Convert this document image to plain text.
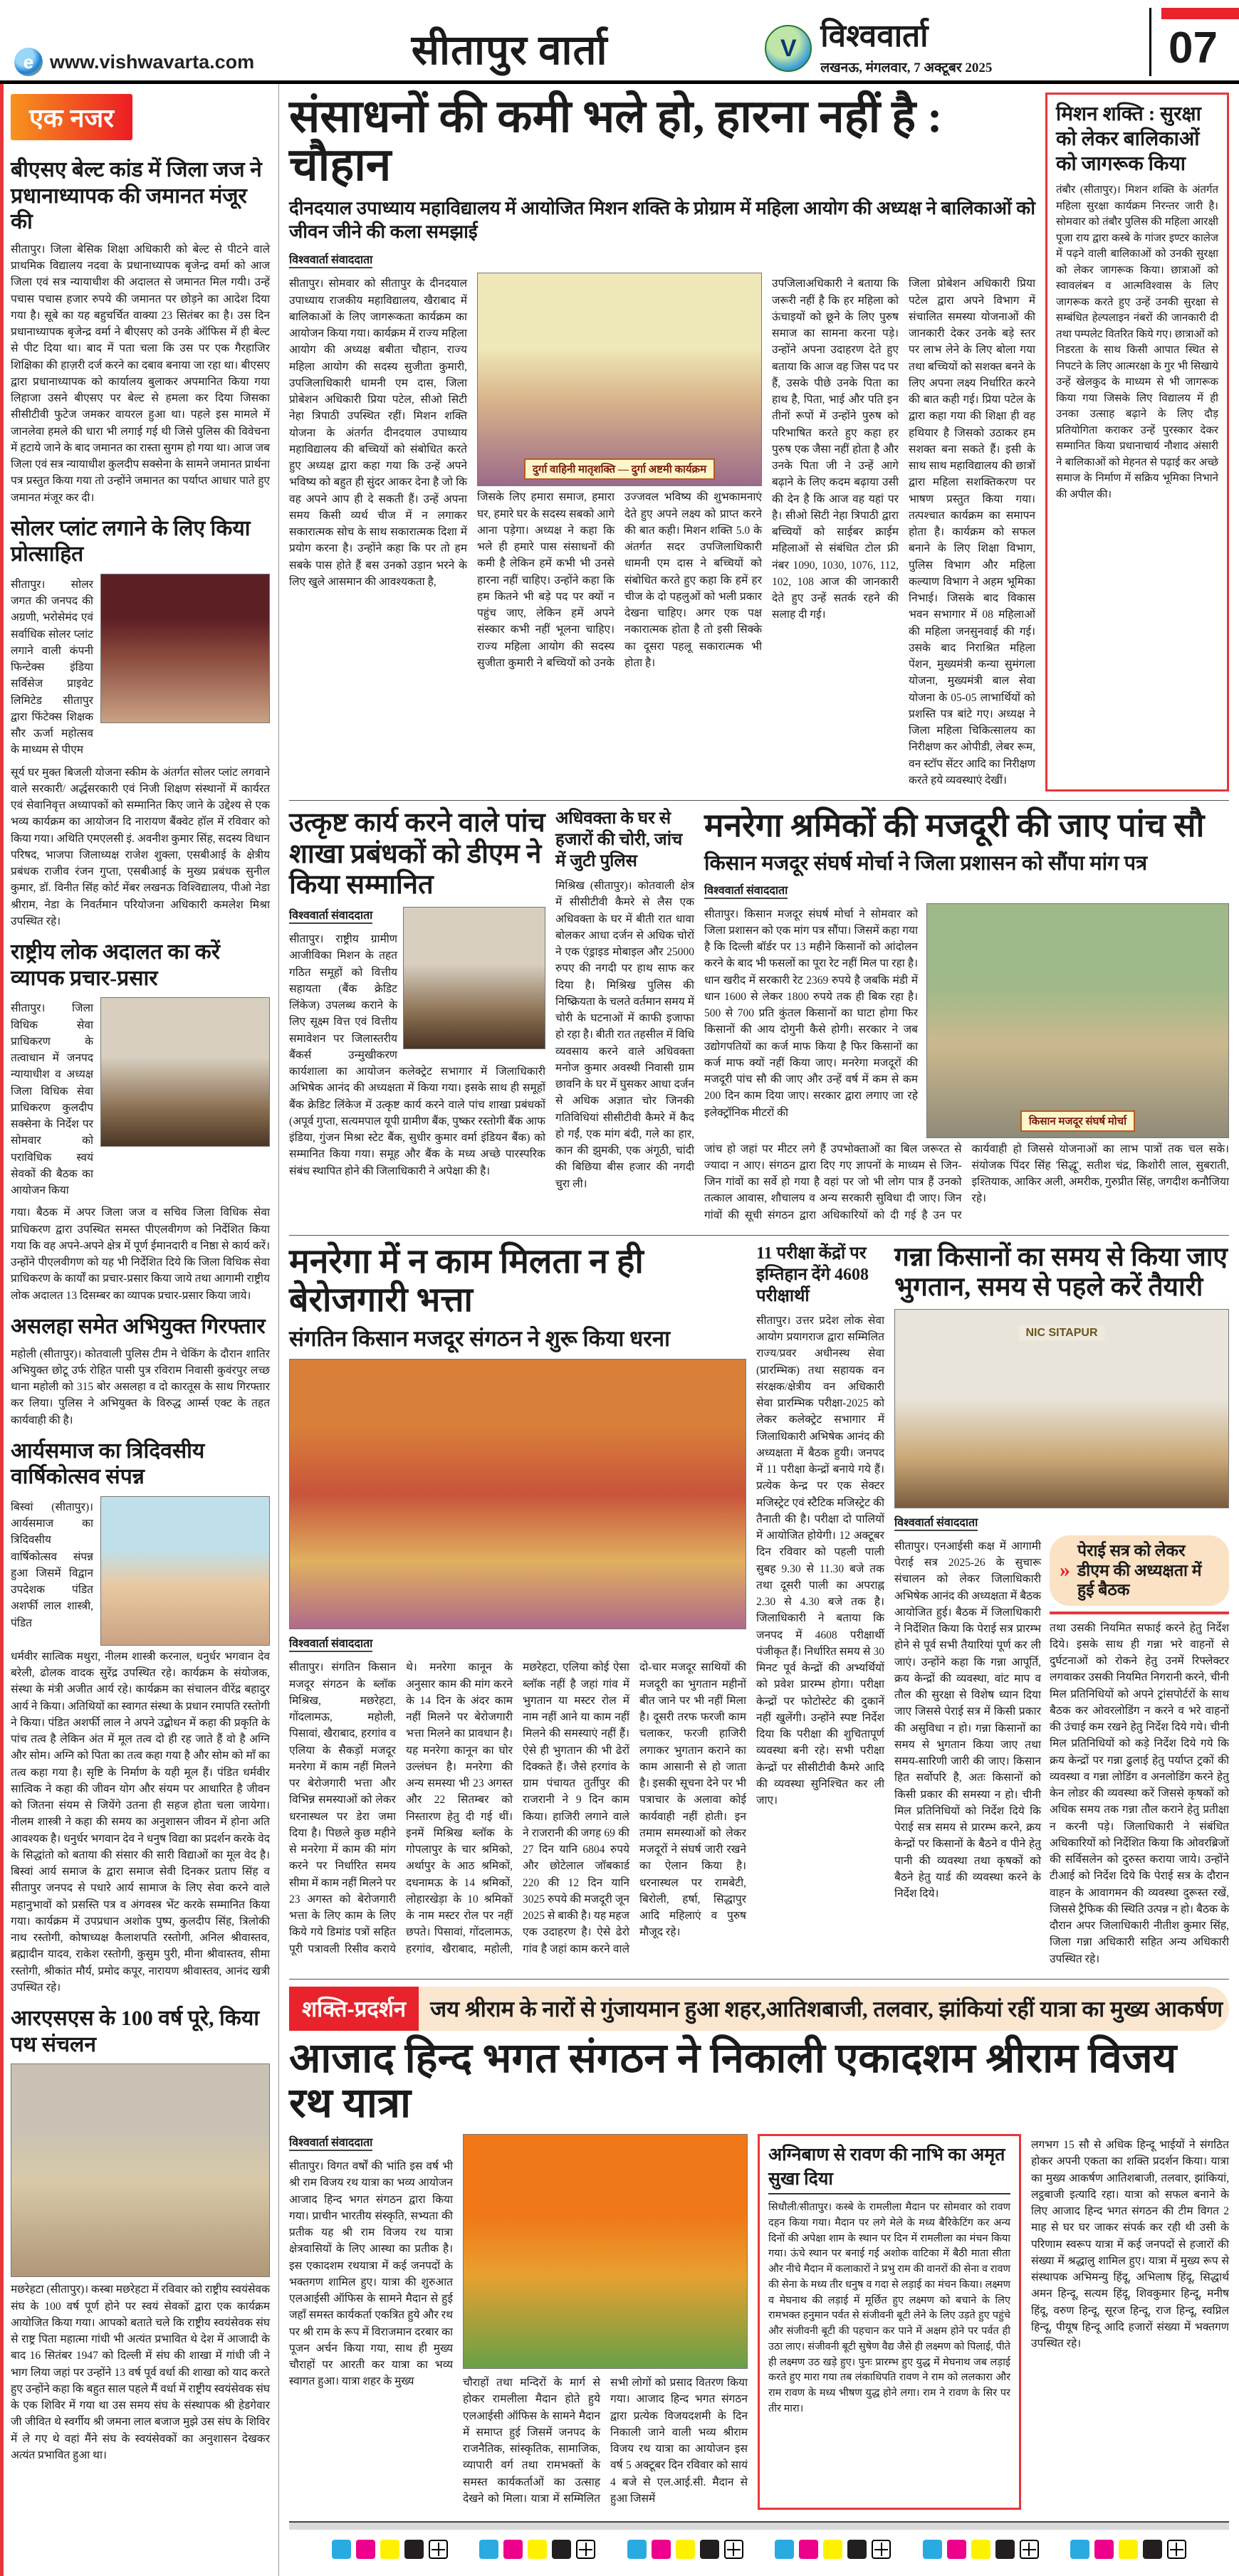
e www.vishwavarta.com	सीतापुर वार्ता	V विश्ववार्ता
लखनऊ, मंगलवार, 7 अक्टूबर 2025	07
एक नजर
बीएसए बेल्ट कांड में जिला जज ने प्रधानाध्यापक की जमानत मंजूर की
सीतापुर। जिला बेसिक शिक्षा अधिकारी को बेल्ट से पीटने वाले प्राथमिक विद्यालय नदवा के प्रधानाध्यापक बृजेन्द्र वर्मा को आज जिला एवं सत्र न्यायाधीश की अदालत से जमानत मिल गयी। उन्हें पचास पचास हजार रुपये की जमानत पर छोड़ने का आदेश दिया गया है। सूबे का यह बहुचर्चित वाक्या 23 सितंबर का है। उस दिन प्रधानाध्यापक बृजेन्द्र वर्मा ने बीएसए को उनके ऑफिस में ही बेल्ट से पीट दिया था। बाद में पता चला कि उस पर एक गैरहाजिर शिक्षिका की हाज़री दर्ज करने का दबाव बनाया जा रहा था। बीएसए द्वारा प्रधानाध्यापक को कार्यालय बुलाकर अपमानित किया गया लिहाजा उसने बीएसए पर बेल्ट से हमला कर दिया जिसका सीसीटीवी फुटेज जमकर वायरल हुआ था। पहले इस मामले में जानलेवा हमले की धारा भी लगाई गई थी जिसे पुलिस की विवेचना में हटाये जाने के बाद जमानत का रास्ता सुगम हो गया था। आज जब जिला एवं सत्र न्यायाधीश कुलदीप सक्सेना के सामने जमानत प्रार्थना पत्र प्रस्तुत किया गया तो उन्होंने जमानत का पर्याप्त आधार पाते हुए जमानत मंजूर कर दी।
सोलर प्लांट लगाने के लिए किया प्रोत्साहित
सीतापुर। सोलर जगत की जनपद की अग्रणी, भरोसेमंद एवं सर्वाधिक सोलर प्लांट लगाने वाली कंपनी फिन्टेक्स इंडिया सर्विसेज प्राइवेट लिमिटेड सीतापुर द्वारा फिंटेक्स शिक्षक सौर ऊर्जा महोत्सव के माध्यम से पीएम
सूर्य घर मुक्त बिजली योजना स्कीम के अंतर्गत सोलर प्लांट लगवाने वाले सरकारी/ अर्द्धसरकारी एवं निजी शिक्षण संस्थानों में कार्यरत एवं सेवानिवृत्त अध्यापकों को सम्मानित किए जाने के उद्देश्य से एक भव्य कार्यक्रम का आयोजन दि नारायण बैंक्वेट हॉल में रविवार को किया गया। अथिति एमएलसी इं. अवनीश कुमार सिंह, सदस्य विधान परिषद, भाजपा जिलाध्यक्ष राजेश शुक्ला, एसबीआई के क्षेत्रीय प्रबंधक राजीव रंजन गुप्ता, एसबीआई के मुख्य प्रबंधक सुनील कुमार, डॉ. विनीत सिंह कोर्ट मेंबर लखनऊ विश्विद्यालय, पीओ नेडा श्रीराम, नेडा के निवर्तमान परियोजना अधिकारी कमलेश मिश्रा उपस्थित रहे।
राष्ट्रीय लोक अदालत का करें व्यापक प्रचार-प्रसार
सीतापुर। जिला विधिक सेवा प्राधिकरण के तत्वाधान में जनपद न्यायाधीश व अध्यक्ष जिला विधिक सेवा प्राधिकरण कुलदीप सक्सेना के निर्देश पर सोमवार को पराविधिक स्वयं सेवकों की बैठक का आयोजन किया
गया। बैठक में अपर जिला जज व सचिव जिला विधिक सेवा प्राधिकरण द्वारा उपस्थित समस्त पीएलवीगण को निर्देशित किया गया कि वह अपने-अपने क्षेत्र में पूर्ण ईमानदारी व निष्ठा से कार्य करें। उन्होंने पीएलवीगण को यह भी निर्देशित दिये कि जिला विधिक सेवा प्राधिकरण के कार्यों का प्रचार-प्रसार किया जाये तथा आगामी राष्ट्रीय लोक अदालत 13 दिसम्बर का व्यापक प्रचार-प्रसार किया जाये।
असलहा समेत अभियुक्त गिरफ्तार
महोली (सीतापुर)। कोतवाली पुलिस टीम ने चेकिंग के दौरान शातिर अभियुक्त छोटू उर्फ रोहित पासी पुत्र रविराम निवासी कुवंरपुर लच्छ थाना महोली को 315 बोर असलहा व दो कारतूस के साथ गिरफ्तार कर लिया। पुलिस ने अभियुक्त के विरुद्ध आर्म्स एक्ट के तहत कार्यवाही की है।
आर्यसमाज का त्रिदिवसीय वार्षिकोत्सव संपन्न
बिस्वां (सीतापुर)। आर्यसमाज का त्रिदिवसीय वार्षिकोत्सव संपन्न हुआ जिसमें विद्वान उपदेशक पंडित अशर्फी लाल शास्त्री, पंडित
धर्मवीर सात्विक मथुरा, नीलम शास्त्री करनाल, धनुर्धर भगवान देव बरेली, ढोलक वादक सुरेंद्र उपस्थित रहे। कार्यक्रम के संयोजक, संस्था के मंत्री अजीत आर्य रहे। कार्यक्रम का संचालन वीरेंद्र बहादुर आर्य ने किया। अतिथियों का स्वागत संस्था के प्रधान रमापति रस्तोगी ने किया। पंडित अशर्फी लाल ने अपने उद्बोधन में कहा की प्रकृति के पांच तत्व है लेकिन अंत में मूल तत्व दो ही रह जाते हैं वो है अग्नि और सोम। अग्नि को पिता का तत्व कहा गया है और सोम को माँ का तत्व कहा गया है। सृष्टि के निर्माण के यही मूल हैं। पंडित धर्मवीर सात्विक ने कहा की जीवन योग और संयम पर आधारित है जीवन को जितना संयम से जियेंगे उतना ही सहज होता चला जायेगा। नीलम शास्त्री ने कहा की समय का अनुशासन जीवन में होना अति आवश्यक है। धनुर्धर भगवान देव ने धनुष विद्या का प्रदर्शन करके वेद के सिद्धांतो को बताया की संसार की सारी विद्याओं का मूल वेद है। बिस्वां आर्य समाज के द्वारा समाज सेवी दिनकर प्रताप सिंह व सीतापुर जनपद से पधारे आर्य सामाज के लिए सेवा करने वाले महानुभावों को प्रसस्ति पत्र व अंगवस्त्र भेंट करके सम्मानित किया गया। कार्यक्रम में उपप्रधान अशोक पुष्प, कुलदीप सिंह, त्रिलोकी नाथ रस्तोगी, कोषाध्यक्ष कैलाशपति रस्तोगी, अनिल श्रीवास्तव, ब्रह्मादीन यादव, राकेश रस्तोगी, कुसुम पुरी, मीना श्रीवास्तव, सीमा रस्तोगी, श्रीकांत मौर्य, प्रमोद कपूर, नारायण श्रीवास्तव, आनंद खत्री उपस्थित रहे।
आरएसएस के 100 वर्ष पूरे, किया पथ संचलन
मछरेहटा (सीतापुर)। कस्बा मछरेहटा में रविवार को राष्ट्रीय स्वयंसेवक संघ के 100 वर्ष पूर्ण होने पर स्वयं सेवकों द्वारा एक कार्यक्रम आयोजित किया गया। आपको बताते चले कि राष्ट्रीय स्वयंसेवक संघ से राष्ट्र पिता महात्मा गांधी भी अत्यंत प्रभावित थे देश में आजादी के बाद 16 सितंबर 1947 को दिल्ली में संघ की शाखा में गांधी जी ने भाग लिया जहां पर उन्होंने 13 वर्ष पूर्व वर्धा की शाखा को याद करते हुए उन्होंने कहा कि बहुत साल पहले मैं वर्धा में राष्ट्रीय स्वयंसेवक संघ के एक शिविर में गया था उस समय संघ के संस्थापक श्री हेडगेवार जी जीवित थे स्वर्गीय श्री जमना लाल बजाज मुझे उस संघ के शिविर में ले गए थे वहां मैंने संघ के स्वयंसेवकों का अनुशासन देखकर अत्यंत प्रभावित हुआ था।
संसाधनों की कमी भले हो, हारना नहीं है : चौहान
दीनदयाल उपाध्याय महाविद्यालय में आयोजित मिशन शक्ति के प्रोग्राम में महिला आयोग की अध्यक्ष ने बालिकाओं को जीवन जीने की कला समझाई
विश्ववार्ता संवाददाता
सीतापुर। सोमवार को सीतापुर के दीनदयाल उपाध्याय राजकीय महाविद्यालय, खैराबाद में बालिकाओं के लिए जागरूकता कार्यक्रम का आयोजन किया गया। कार्यक्रम में राज्य महिला आयोग की अध्यक्ष बबीता चौहान, राज्य महिला आयोग की सदस्य सुजीता कुमारी, उपजिलाधिकारी धामनी एम दास, जिला प्रोबेशन अधिकारी प्रिया पटेल, सीओ सिटी नेहा त्रिपाठी उपस्थित रहीं। मिशन शक्ति योजना के अंतर्गत दीनदयाल उपाध्याय महाविद्यालय की बच्चियों को संबोधित करते हुए अध्यक्ष द्वारा कहा गया कि उन्हें अपने भविष्य को बहुत ही सुंदर आकर देना है जो कि वह अपने आप ही दे सकती हैं। उन्हें अपना समय किसी व्यर्थ चीज में न लगाकर सकारात्मक सोच के साथ सकारात्मक दिशा में प्रयोग करना है। उन्होंने कहा कि पर तो हम सबके पास होते हैं बस उनको उड़ान भरने के लिए खुले आसमान की आवश्यकता है,
दुर्गा वाहिनी मातृशक्ति — दुर्गा अष्टमी कार्यक्रम
जिसके लिए हमारा समाज, हमारा घर, हमारे घर के सदस्य सबको आगे आना पड़ेगा। अध्यक्ष ने कहा कि भले ही हमारे पास संसाधनों की कमी है लेकिन हमें कभी भी उनसे हारना नहीं चाहिए। उन्होंने कहा कि हम कितने भी बड़े पद पर क्यों न पहुंच जाए, लेकिन हमें अपने संस्कार कभी नहीं भूलना चाहिए। राज्य महिला आयोग की सदस्य सुजीता कुमारी ने बच्चियों को उनके उज्जवल भविष्य की शुभकामनाएं देते हुए अपने लक्ष्य को प्राप्त करने की बात कही। मिशन शक्ति 5.0 के अंतर्गत सदर उपजिलाधिकारी धामनी एम दास ने बच्चियों को संबोधित करते हुए कहा कि हमें हर चीज के दो पहलुओं को भली प्रकार देखना चाहिए। अगर एक पक्ष नकारात्मक होता है तो इसी सिक्के का दूसरा पहलू सकारात्मक भी होता है।
उपजिलाअधिकारी ने बताया कि जरूरी नहीं है कि हर महिला को ऊंचाइयों को छूने के लिए पुरुष समाज का सामना करना पड़े। उन्होंने अपना उदाहरण देते हुए बताया कि आज वह जिस पद पर हैं, उसके पीछे उनके पिता का हाथ है, पिता, भाई और पति इन तीनों रूपों में उन्होंने पुरुष को परिभाषित करते हुए कहा हर पुरुष एक जैसा नहीं होता है और उनके पिता जी ने उन्हें आगे बढ़ाने के लिए कदम बढ़ाया उसी की देन है कि आज वह यहां पर है। सीओ सिटी नेहा त्रिपाठी द्वारा बच्चियों को साईबर क्राईम महिलाओं से संबंधित टोल फ्री नंबर 1090, 1030, 1076, 112, 102, 108 आज की जानकारी देते हुए उन्हें सतर्क रहने की सलाह दी गई।
जिला प्रोबेशन अधिकारी प्रिया पटेल द्वारा अपने विभाग में संचालित समस्या योजनाओं की जानकारी देकर उनके बड़े स्तर पर लाभ लेने के लिए बोला गया तथा बच्चियों को सशक्त बनने के लिए अपना लक्ष्य निर्धारित करने की बात कही गई। प्रिया पटेल के द्वारा कहा गया की शिक्षा ही वह हथियार है जिसको उठाकर हम सशक्त बना सकते हैं। इसी के साथ साथ महाविद्यालय की छात्रों द्वारा महिला सशक्तिकरण पर भाषण प्रस्तुत किया गया। तत्पश्चात कार्यक्रम का समापन होता है। कार्यक्रम को सफल बनाने के लिए शिक्षा विभाग, पुलिस विभाग और महिला कल्याण विभाग ने अहम भूमिका निभाई। जिसके बाद विकास भवन सभागार में 08 महिलाओं की महिला जनसुनवाई की गई। उसके बाद निराश्रित महिला पेंशन, मुख्यमंत्री कन्या सुमंगला योजना, मुख्यमंत्री बाल सेवा योजना के 05-05 लाभार्थियों को प्रशस्ति पत्र बांटे गए। अध्यक्ष ने जिला महिला चिकित्सालय का निरीक्षण कर ओपीडी, लेबर रूम, वन स्टॉप सेंटर आदि का निरीक्षण करते हये व्यवस्थाएं देखीं।
मिशन शक्ति : सुरक्षा को लेकर बालिकाओं को जागरूक किया
तंबौर (सीतापुर)। मिशन शक्ति के अंतर्गत महिला सुरक्षा कार्यक्रम निरन्तर जारी है। सोमवार को तंबौर पुलिस की महिला आरक्षी पूजा राय द्वारा कस्बे के गांजर इण्टर कालेज में पढ़ने वाली बालिकाओं को उनकी सुरक्षा को लेकर जागरूक किया। छात्राओं को स्वावलंबन व आत्मविश्वास के लिए जागरूक करते हुए उन्हें उनकी सुरक्षा से सम्बंधित हेल्पलाइन नंबरों की जानकारी दी तथा पम्पलेट वितरित किये गए। छात्राओं को निडरता के साथ किसी आपात स्थित से निपटने के लिए आत्मरक्षा के गुर भी सिखाये उन्हें खेलकुद के माध्यम से भी जागरूक किया गया जिसके लिए विद्यालय में ही उनका उत्साह बढ़ाने के लिए दौड़ प्रतियोगिता कराकर उन्हें पुरस्कार देकर सम्मानित किया प्रधानाचार्य नौशाद अंसारी ने बालिकाओं को मेहनत से पढ़ाई कर अच्छे समाज के निर्माण में सक्रिय भूमिका निभाने की अपील की।
उत्कृष्ट कार्य करने वाले पांच शाखा प्रबंधकों को डीएम ने किया सम्मानित
विश्ववार्ता संवाददाता
सीतापुर। राष्ट्रीय ग्रामीण आजीविका मिशन के तहत गठित समूहों को वित्तीय सहायता (बैंक क्रेडिट लिंकेज) उपलब्ध कराने के लिए सूक्ष्म वित्त एवं वित्तीय समावेशन पर जिलास्तरीय बैंकर्स उन्मुखीकरण कार्यशाला का आयोजन कलेक्ट्रेट सभागार में जिलाधिकारी अभिषेक आनंद की अध्यक्षता में किया गया। इसके साथ ही समूहों बैंक क्रेडिट लिंकेज में उत्कृष्ट कार्य करने वाले पांच शाखा प्रबंधकों (अपूर्व गुप्ता, सत्यमपाल यूपी ग्रामीण बैंक, पुष्कर रस्तोगी बैंक आफ इंडिया, गुंजन मिश्रा स्टेट बैंक, सुधीर कुमार वर्मा इंडियन बैंक) को सम्मानित किया गया। समूह और बैंक के मध्य अच्छे पारस्परिक संबंध स्थापित होने की जिलाधिकारी ने अपेक्षा की है।
अधिवक्ता के घर से हजारों की चोरी, जांच में जुटी पुलिस
मिश्रिख (सीतापुर)। कोतवाली क्षेत्र में सीसीटीवी कैमरे से लैस एक अधिवक्ता के घर में बीती रात धावा बोलकर आधा दर्जन से अधिक चोरों ने एक एंड्राइड मोबाइल और 25000 रुपए की नगदी पर हाथ साफ कर दिया है। मिश्रिख पुलिस की निष्क्रियता के चलते वर्तमान समय में चोरी के घटनाओं में काफी इजाफा हो रहा है। बीती रात तहसील में विधि व्यवसाय करने वाले अधिवक्ता मनोज कुमार अवस्थी निवासी ग्राम छावनि के घर में घुसकर आधा दर्जन से अधिक अज्ञात चोर जिनकी गतिविधियां सीसीटीवी कैमरे में कैद हो गईं, एक मांग बंदी, गले का हार, कान की झुमकी, एक अंगूठी, चांदी की बिछिया बीस हजार की नगदी चुरा ली।
मनरेगा श्रमिकों की मजदूरी की जाए पांच सौ
किसान मजदूर संघर्ष मोर्चा ने जिला प्रशासन को सौंपा मांग पत्र
विश्ववार्ता संवाददाता
सीतापुर। किसान मजदूर संघर्ष मोर्चा ने सोमवार को जिला प्रशासन को एक मांग पत्र सौंपा। जिसमें कहा गया है कि दिल्ली बॉर्डर पर 13 महीने किसानों को आंदोलन करने के बाद भी फसलों का पूरा रेट नहीं मिल पा रहा है। धान खरीद में सरकारी रेट 2369 रुपये है जबकि मंडी में धान 1600 से लेकर 1800 रुपये तक ही बिक रहा है। 500 से 700 प्रति कुंतल किसानों का घाटा होगा फिर किसानों की आय दोगुनी कैसे होगी। सरकार ने जब उद्योगपतियों का कर्ज माफ किया है फिर किसानों का कर्ज माफ क्यों नहीं किया जाए। मनरेगा मजदूरों की मजदूरी पांच सौ की जाए और उन्हें वर्ष में कम से कम 200 दिन काम दिया जाए। सरकार द्वारा लगाए जा रहे इलेक्ट्रॉनिक मीटरों की
किसान मजदूर संघर्ष मोर्चा
जांच हो जहां पर मीटर लगे हैं उपभोक्ताओं का बिल जरूरत से ज्यादा न आए। संगठन द्वारा दिए गए ज्ञापनों के माध्यम से जिन-जिन गांवों का सर्वे हो गया है वहां पर जो भी लोग पात्र हैं उनको तत्काल आवास, शौचालय व अन्य सरकारी सुविधा दी जाए। जिन गांवों की सूची संगठन द्वारा अधिकारियों को दी गई है उन पर कार्यवाही हो जिससे योजनाओं का लाभ पात्रों तक चल सके। संयोजक पिंदर सिंह 'सिद्धू', सतीश चंद्र, किशोरी लाल, सुबराती, इश्तियाक, आकिर अली, अमरीक, गुरुप्रीत सिंह, जगदीश कनौजिया रहे।
मनरेगा में न काम मिलता न ही बेरोजगारी भत्ता
संगतिन किसान मजदूर संगठन ने शुरू किया धरना
विश्ववार्ता संवाददाता
सीतापुर। संगतिन किसान मजदूर संगठन के ब्लॉक मिश्रिख, मछरेहटा, गोंदलामऊ, महोली, पिसावां, खैराबाद, हरगांव व एलिया के सैकड़ों मजदूर मनरेगा में काम नहीं मिलने पर बेरोजगारी भत्ता और विभिन्न समस्याओं को लेकर धरनास्थल पर डेरा जमा दिया है। पिछले कुछ महीने से मनरेगा में काम की मांग करने पर निर्धारित समय सीमा में काम नहीं मिलने पर 23 अगस्त को बेरोजगारी भत्ता के लिए काम के लिए किये गये डिमांड पत्रों सहित पूरी पत्रावली रिसीव कराये थे। मनरेगा कानून के अनुसार काम की मांग करने के 14 दिन के अंदर काम नहीं मिलने पर बेरोजगारी भत्ता मिलने का प्रावधान है। यह मनरेगा कानून का घोर उल्लंघन है। मनरेगा की अन्य समस्या भी 23 अगस्त और 22 सितम्बर को निस्तारण हेतु दी गई थीं। इनमें मिश्रिख ब्लॉक के गोपलापुर के चार श्रमिको, अर्थापुर के आठ श्रमिकों, दधनामऊ के 14 श्रमिकों, लोहारखेड़ा के 10 श्रमिकों के नाम मस्टर रोल पर नहीं छपते। पिसावां, गोंदलामऊ, हरगांव, खैराबाद, महोली, मछरेहटा, एलिया कोई ऐसा ब्लॉक नहीं है जहां गांव में भुगतान या मस्टर रोल में नाम नहीं आने या काम नहीं मिलने की समस्याएं नहीं हैं। ऐसे ही भुगतान की भी ढेरों दिक्कते हैं। जैसे हरगांव के ग्राम पंचायत तुर्तीपुर की राजरानी ने 9 दिन काम किया। हाजिरी लगाने वाले ने राजरानी की जगह 69 की 27 दिन यानि 6804 रुपये और छोटेलाल जॉबकार्ड 220 की 12 दिन यानि 3025 रुपये की मजदूरी जून 2025 से बाकी है। यह महज एक उदाहरण है। ऐसे ढेरो गांव है जहां काम करने वाले दो-चार मजदूर साथियों की मजदूरी का भुगतान महीनों बीत जाने पर भी नहीं मिला है। दूसरी तरफ फरजी काम चलाकर, फरजी हाजिरी लगाकर भुगतान कराने का काम आसानी से हो जाता है। इसकी सूचना देने पर भी पत्राचार के अलावा कोई कार्यवाही नहीं होती। इन तमाम समस्याओं को लेकर मजदूरों ने संघर्ष जारी रखने का ऐलान किया है। धरनास्थल पर रामबेटी, बिरोली, हर्षा, सिद्धापुर आदि महिलाएं व पुरुष मौजूद रहे।
11 परीक्षा केंद्रों पर इम्तिहान देंगे 4608 परीक्षार्थी
सीतापुर। उत्तर प्रदेश लोक सेवा आयोग प्रयागराज द्वारा सम्मिलित राज्य/प्रवर अधीनस्थ सेवा (प्रारम्भिक) तथा सहायक वन संरक्षक/क्षेत्रीय वन अधिकारी सेवा प्रारम्भिक परीक्षा-2025 को लेकर कलेक्ट्रेट सभागार में जिलाधिकारी अभिषेक आनंद की अध्यक्षता में बैठक हुयी। जनपद में 11 परीक्षा केन्द्रों बनाये गये हैं। प्रत्येक केन्द्र पर एक सेक्टर मजिस्ट्रेट एवं स्टैटिक मजिस्ट्रेट की तैनाती की है। परीक्षा दो पालियों में आयोजित होयेगी। 12 अक्टूबर दिन रविवार को पहली पाली सुबह 9.30 से 11.30 बजे तक तथा दूसरी पाली का अपराह्न 2.30 से 4.30 बजे तक है। जिलाधिकारी ने बताया कि जनपद में 4608 परीक्षार्थी पंजीकृत हैं। निर्धारित समय से 30 मिनट पूर्व केन्द्रों की अभ्यर्थियों को प्रवेश प्रारम्भ होगा। परीक्षा केन्द्रों पर फोटोस्टेट की दुकानें नहीं खुलेंगी। उन्होंने स्पष्ट निर्देश दिया कि परीक्षा की शुचितापूर्ण व्यवस्था बनी रहे। सभी परीक्षा केन्द्रों पर सीसीटीवी कैमरे आदि की व्यवस्था सुनिश्चित कर ली जाए।
गन्ना किसानों का समय से किया जाए भुगतान, समय से पहले करें तैयारी
NIC SITAPUR
विश्ववार्ता संवाददाता
सीतापुर। एनआईसी कक्ष में आगामी पेराई सत्र 2025-26 के सुचारू संचालन को लेकर जिलाधिकारी अभिषेक आनंद की अध्यक्षता में बैठक आयोजित हुई। बैठक में जिलाधिकारी ने निर्देशित किया कि पेराई सत्र प्रारम्भ होने से पूर्व सभी तैयारियां पूर्ण कर ली जाएं। उन्होंने कहा कि गन्ना आपूर्ति, क्रय केन्द्रों की व्यवस्था, वांट माप व तौल की सुरक्षा से विशेष ध्यान दिया जाए जिससे पेराई सत्र में किसी प्रकार की असुविधा न हो। गन्ना किसानों का समय से भुगतान किया जाए तथा समय-सारिणी जारी की जाए। किसान हित सर्वोपरि है, अतः किसानों को किसी प्रकार की समस्या न हो। चीनी मिल प्रतिनिधियों को निर्देश दिये कि पेराई सत्र समय से प्रारम्भ करने, क्रय केन्द्रों पर किसानों के बैठने व पीने हेतु पानी की व्यवस्था तथा कृषकों को बैठने हेतु यार्ड की व्यवस्था करने के निर्देश दिये।
»
पेराई सत्र को लेकर डीएम की अध्यक्षता में हुई बैठक
तथा उसकी नियमित सफाई करने हेतु निर्देश दिये। इसके साथ ही गन्ना भरे वाहनों से दुर्घटनाओं को रोकने हेतु उनमें रिफ्लेक्टर लगवाकर उसकी नियमित निगरानी करने, चीनी मिल प्रतिनिधियों को अपने ट्रांसपोर्टरों के साथ बैठक कर ओवरलोडिंग न करने व भरे वाहनों की उंचाई कम रखने हेतु निर्देश दिये गये। चीनी मिल प्रतिनिधियों को कड़े निर्देश दिये गये कि क्रय केन्द्रों पर गन्ना ढुलाई हेतु पर्याप्त ट्रकों की व्यवस्था व गन्ना लोडिंग व अनलोडिंग करने हेतु केन लोडर की व्यवस्था करें जिससे कृषकों को अधिक समय तक गन्ना तौल कराने हेतु प्रतीक्षा न करनी पड़े। जिलाधिकारी ने संबंधित अधिकारियों को निर्देशित किया कि ओवरब्रिजों की सर्विसलेन को दुरुस्त कराया जाये। उन्होंने टीआई को निर्देश दिये कि पेराई सत्र के दौरान वाहन के आवागमन की व्यवस्था दुरूस्त रखें, जिससे ट्रैफिक की स्थिति उत्पन्न न हो। बैठक के दौरान अपर जिलाधिकारी नीतीश कुमार सिंह, जिला गन्ना अधिकारी सहित अन्य अधिकारी उपस्थित रहे।
शक्ति-प्रदर्शन	जय श्रीराम के नारों से गुंजायमान हुआ शहर,आतिशबाजी, तलवार, झांकियां रहीं यात्रा का मुख्य आकर्षण
आजाद हिन्द भगत संगठन ने निकाली एकादशम श्रीराम विजय रथ यात्रा
विश्ववार्ता संवाददाता
सीतापुर। विगत वर्षों की भांति इस वर्ष भी श्री राम विजय रथ यात्रा का भव्य आयोजन आजाद हिन्द भगत संगठन द्वारा किया गया। प्राचीन भारतीय संस्कृति, सभ्यता की प्रतीक यह श्री राम विजय रथ यात्रा क्षेत्रवासियों के लिए आस्था का प्रतीक है। इस एकादशम रथयात्रा में कई जनपदों के भक्तगण शामिल हुए। यात्रा की शुरुआत एलआईसी ऑफिस के सामने मैदान से हुई जहाँ समस्त कार्यकर्ता एकत्रित हुये और रथ पर श्री राम के रूप में विराजमान दरबार का पूजन अर्चन किया गया, साथ ही मुख्य चौराहों पर आरती कर यात्रा का भव्य स्वागत हुआ। यात्रा शहर के मुख्य	चौराहों तथा मन्दिरों के मार्ग से होकर रामलीला मैदान होते हुये एलआईसी ऑफिस के सामने मैदान में समाप्त हुई जिसमें जनपद के राजनैतिक, सांस्कृतिक, सामाजिक, व्यापारी वर्ग तथा रामभक्तों के समस्त कार्यकर्ताओं का उत्साह देखने को मिला। यात्रा में सम्मिलित सभी लोगों को प्रसाद वितरण किया गया। आजाद हिन्द भगत संगठन द्वारा प्रत्येक विजयदशमी के दिन निकाली जाने वाली भव्य श्रीराम विजय रथ यात्रा का आयोजन इस वर्ष 5 अक्टूबर दिन रविवार को सायं 4 बजे से एल.आई.सी. मैदान से हुआ जिसमें
अग्निबाण से रावण की नाभि का अमृत सुखा दिया
सिधौली/सीतापुर। कस्बे के रामलीला मैदान पर सोमवार को रावण दहन किया गया। मैदान पर लगे मेले के मध्य बैरिकेटिंग कर अन्य दिनों की अपेक्षा शाम के स्थान पर दिन में रामलीला का मंचन किया गया। ऊंचे स्थान पर बनाई गई अशोक वाटिका में बैठी माता सीता और नीचे मैदान में कलाकारों ने प्रभु राम की वानरों की सेना व रावण की सेना के मध्य तीर धनुष व गदा से लड़ाई का मंचन किया। लक्ष्मण व मेघनाथ की लड़ाई में मूर्छित हुए लक्ष्मण को बचाने के लिए रामभक्त हनुमान पर्वत से संजीवनी बूटी लेने के लिए उड़ते हुए पहुंचे और संजीवनी बूटी की पहचान कर पाने में अक्षम होने पर पर्वत ही उठा लाए। संजीवनी बूटी सुषेण वैद्य जैसे ही लक्ष्मण को पिलाई, पीते ही लक्ष्मण उठ खड़े हुए। पुनः प्रारम्भ हुए युद्ध में मेघनाथ जब लड़ाई करते हुए मारा गया तब लंकाधिपति रावण ने राम को ललकारा और राम रावण के मध्य भीषण युद्ध होने लगा। राम ने रावण के सिर पर तीर मारा।
लगभग 15 सौ से अधिक हिन्दू भाईयों ने संगठित होकर अपनी एकता का शक्ति प्रदर्शन किया। यात्रा का मुख्य आकर्षण आतिशबाजी, तलवार, झांकियां, लट्ठबाजी इत्यादि रहा। यात्रा को सफल बनाने के लिए आजाद हिन्द भगत संगठन की टीम विगत 2 माह से घर घर जाकर संपर्क कर रही थी उसी के परिणाम स्वरूप यात्रा में कई जनपदों से हजारों की संख्या में श्रद्धालु शामिल हुए। यात्रा में मुख्य रूप से संस्थापक अभिमन्यु हिंदू, अभिलाष हिंदू, सिद्धार्थ अमन हिन्दू, सत्यम हिंदू, शिवकुमार हिन्दू, मनीष हिंदू, वरुण हिन्दू, सूरज हिन्दू, राज हिन्दू, स्वप्निल हिन्दू, पीयूष हिन्दू आदि हजारों संख्या में भक्तगण उपस्थित रहे।
